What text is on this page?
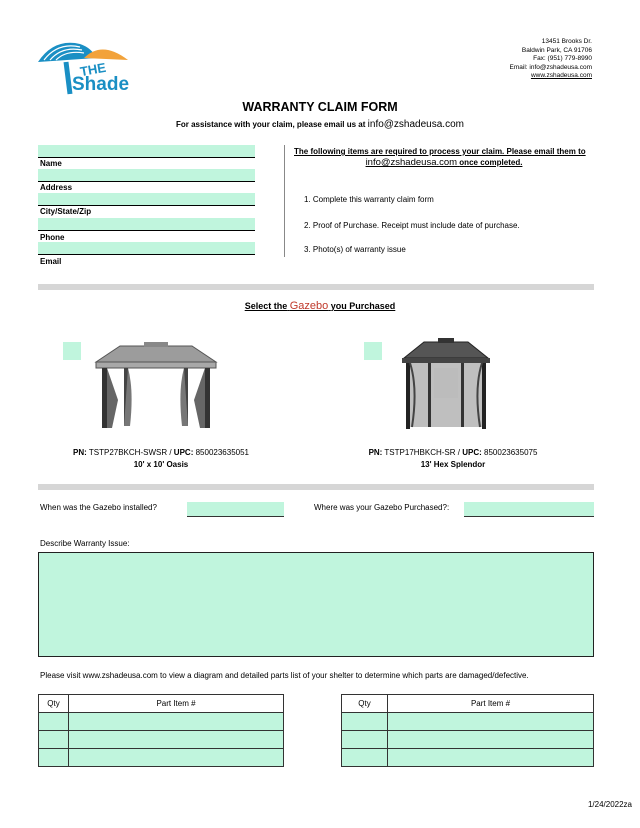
THE
Shade
13451 Brooks Dr.
Baldwin Park, CA 91706
Fax: (951) 779-8990
Email: info@zshadeusa.com
www.zshadeusa.com
WARRANTY CLAIM FORM
For assistance with your claim, please email us at info@zshadeusa.com
Name
Address
City/State/Zip
Phone
Email
The following items are required to process your claim. Please email them to
info@zshadeusa.com once completed.
1. Complete this warranty claim form
2. Proof of Purchase. Receipt must include date of purchase.
3. Photo(s) of warranty issue
Select the Gazebo you Purchased
PN: TSTP27BKCH-SWSR / UPC: 850023635051
10' x 10' Oasis
PN: TSTP17HBKCH-SR / UPC: 850023635075
13' Hex Splendor
When was the Gazebo installed?	Where was your Gazebo Purchased?:
Describe Warranty Issue:
Please visit www.zshadeusa.com to view a diagram and detailed parts list of your shelter to determine which parts are damaged/defective.
Qty	Part Item #

		Qty	Part Item #

1/24/2022za
